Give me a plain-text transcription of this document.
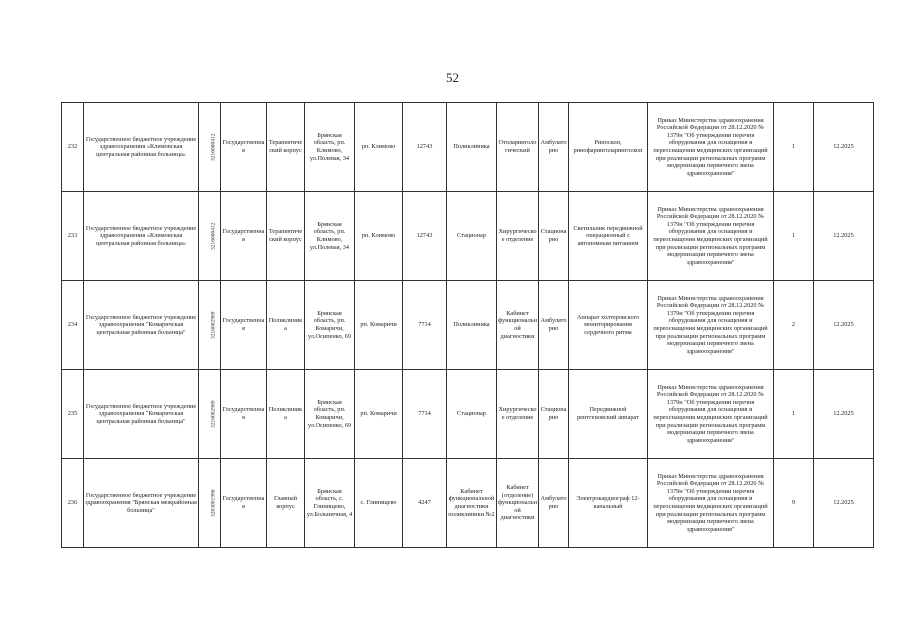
52
232	Государственное бюджетное учреждение здравоохранения «Климовская центральная районная больница»	3216000412	Государственная	Терапевтический корпус	Брянская область, рп. Климово, ул.Полевая, 34	рп. Климово	12743	Поликлиника	Отоларингологический	Амбулаторно	Риноскоп, ринофаринголарингоскоп	Приказ Министерства здравоохранения Российской Федерации от 28.12.2020 № 1379н "Об утверждении перечня оборудования для оснащения и переоснащения медицинских организаций при реализации региональных программ модернизации первичного звена здравоохранения"	1	12.2025
233	Государственное бюджетное учреждение здравоохранения «Климовская центральная районная больница»	3216000412	Государственная	Терапевтический корпус	Брянская область, рп. Климово, ул.Полевая, 34	рп. Климово	12743	Стационар	Хирургическое отделение	Стационарно	Светильник передвижной операционный с автономным питанием	Приказ Министерства здравоохранения Российской Федерации от 28.12.2020 № 1379н "Об утверждении перечня оборудования для оснащения и переоснащения медицинских организаций при реализации региональных программ модернизации первичного звена здравоохранения"	1	12.2025
234	Государственное бюджетное учреждение здравоохранения "Комаричская центральная районная больница"	3218002989	Государственная	Поликлиника	Брянская область, рп. Комаричи, ул.Осипенко, 69	рп. Комаричи	7714	Поликлиника	Кабинет функциональной диагностики	Амбулаторно	Аппарат холтеровского мониторирования сердечного ритма	Приказ Министерства здравоохранения Российской Федерации от 28.12.2020 № 1379н "Об утверждении перечня оборудования для оснащения и переоснащения медицинских организаций при реализации региональных программ модернизации первичного звена здравоохранения"	2	12.2025
235	Государственное бюджетное учреждение здравоохранения "Комаричская центральная районная больница"	3218002989	Государственная	Поликлиника	Брянская область, рп. Комаричи, ул.Осипенко, 69	рп. Комаричи	7714	Стационар	Хирургическое отделение	Стационарно	Передвижной рентгеновский аппарат	Приказ Министерства здравоохранения Российской Федерации от 28.12.2020 № 1379н "Об утверждении перечня оборудования для оснащения и переоснащения медицинских организаций при реализации региональных программ модернизации первичного звена здравоохранения"	1	12.2025
236	Государственное бюджетное учреждение здравоохранения "Брянская межрайонная больница"	3203001998	Государственная	Главный корпус	Брянская область, с. Глинищево, ул.Больничная, 4	с. Глинищево	4247	Кабинет функциональной диагностики поликлиники №2	Кабинет (отделение) функциональной диагностики	Амбулаторно	Электрокардиограф 12-канальный	Приказ Министерства здравоохранения Российской Федерации от 28.12.2020 № 1379н "Об утверждении перечня оборудования для оснащения и переоснащения медицинских организаций при реализации региональных программ модернизации первичного звена здравоохранения"	9	12.2025
